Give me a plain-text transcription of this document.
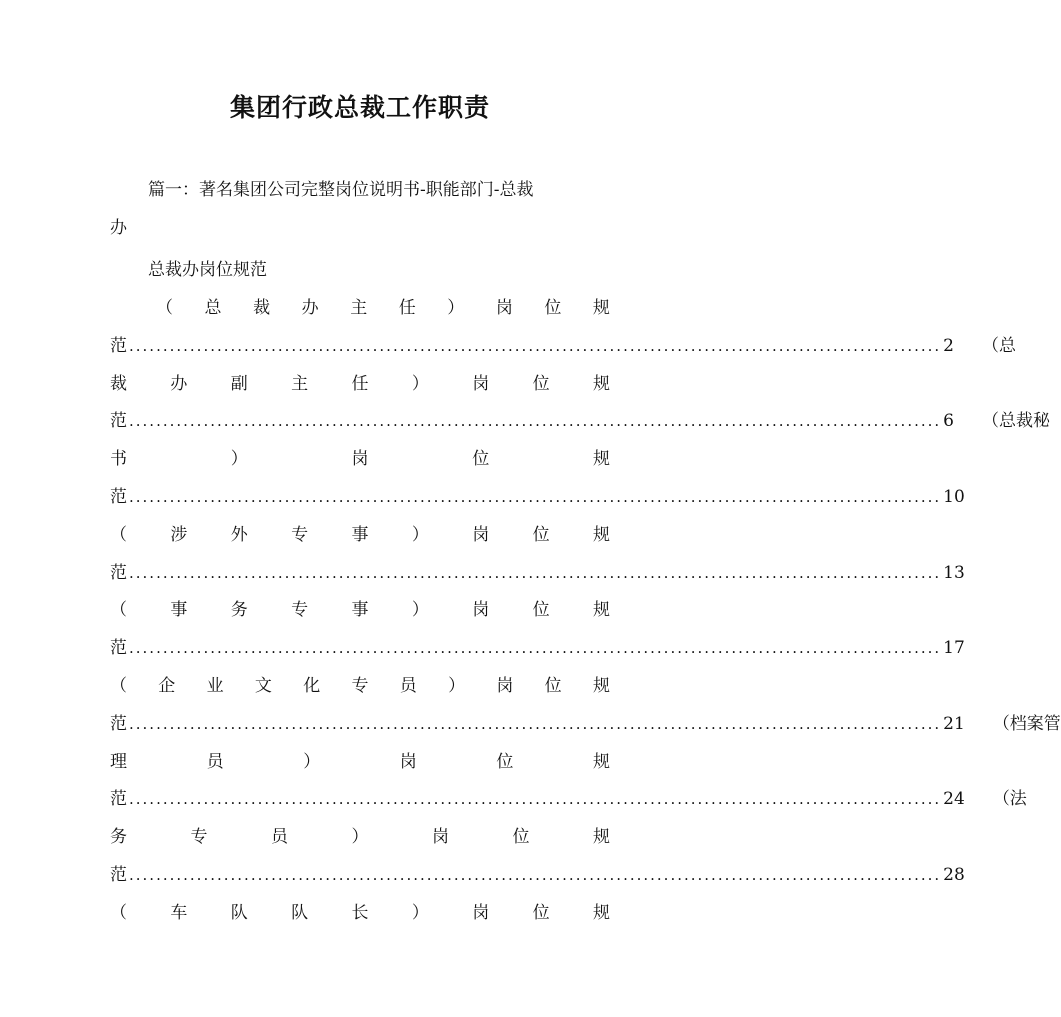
集团行政总裁工作职责
篇一：著名集团公司完整岗位说明书-职能部门-总裁
办
总裁办岗位规范
（ 总 裁 办 主 任 ） 岗 位 规
范 ........................................................................................................................ 2 （总
裁	办	副	主	任	）	岗	位	规
范 ........................................................................................................................ 6 （总裁秘
书	）	岗	位	规
范 ........................................................................................................................ 10
（	涉	外	专	事	）	岗	位	规
范 ........................................................................................................................ 13
（	事	务	专	事	）	岗	位	规
范 ........................................................................................................................ 17
（ 企 业 文 化 专 员 ） 岗 位 规
范 ........................................................................................................................ 21 （档案管
理	员	）	岗	位	规
范 ........................................................................................................................ 24 （法
务	专	员	）	岗	位	规
范 ........................................................................................................................ 28
（	车	队	队	长	）	岗	位	规
